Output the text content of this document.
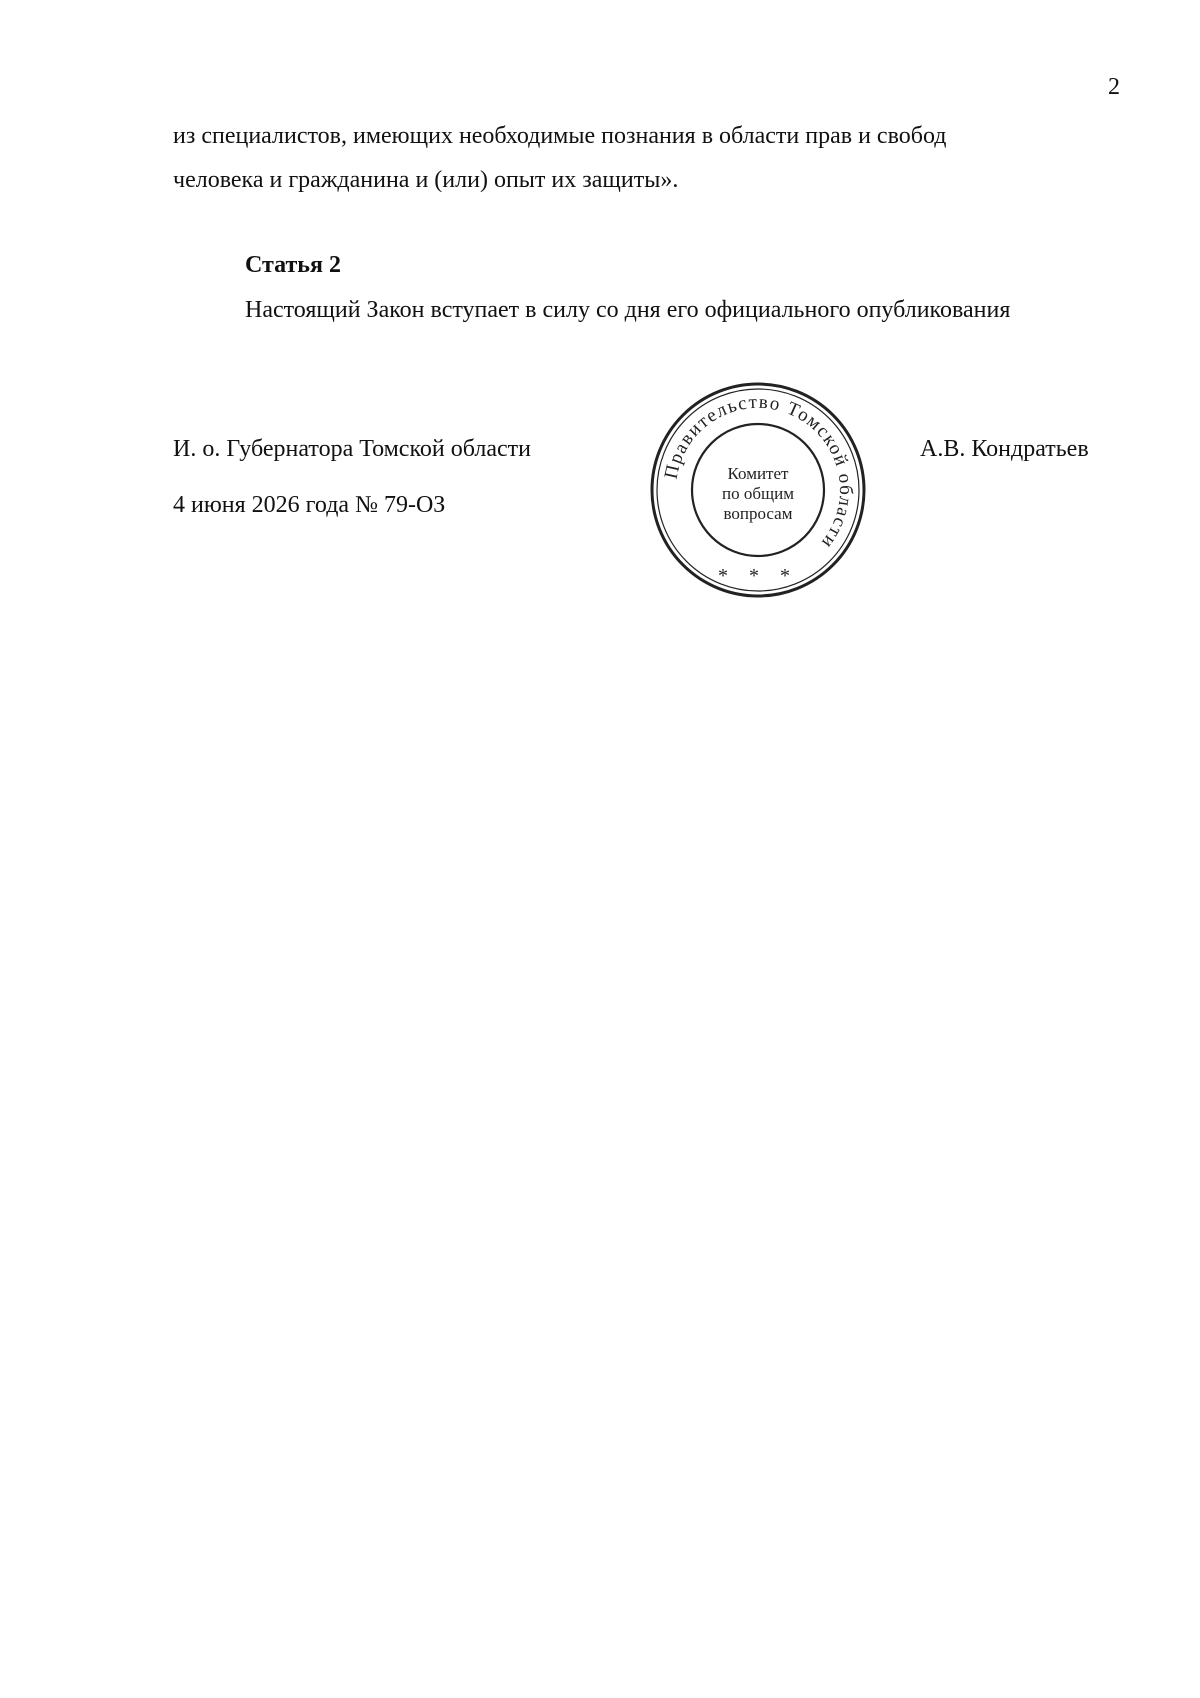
2
из специалистов, имеющих необходимые познания в области прав и свобод
человека и гражданина и (или) опыт их защиты».
Статья 2
Настоящий Закон вступает в силу со дня его официального опубликования
И. о. Губернатора Томской области
4 июня 2026 года № 79-ОЗ
А.В. Кондратьев
Правительство Томской области
Комитет
по общим
вопросам
* * *
